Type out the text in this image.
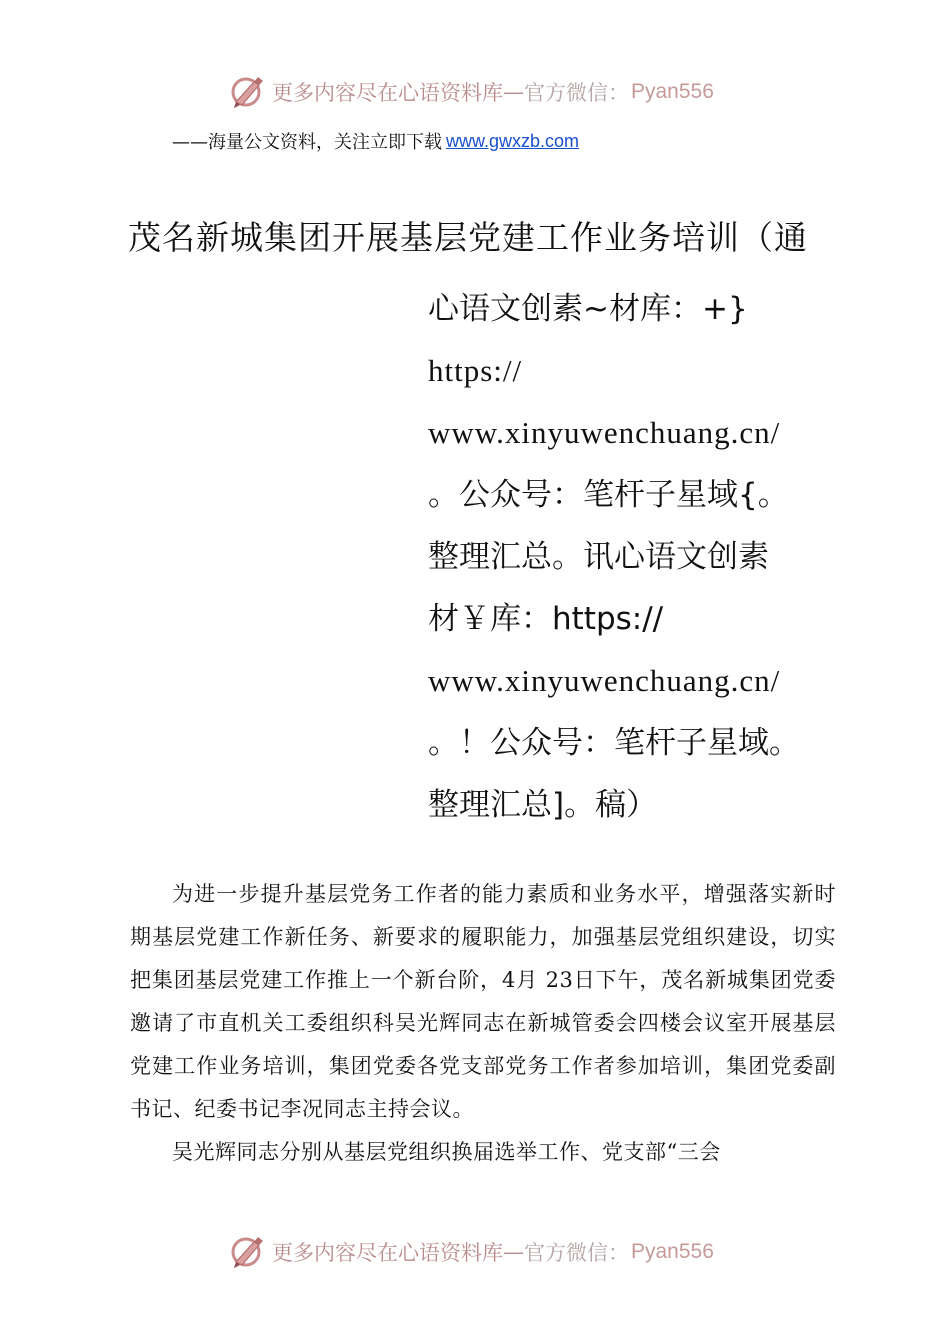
更多内容尽在心语资料库 — 官方微信： Pyan556
——海量公文资料，关注立即下载 www.gwxzb.com
茂名新城集团开展基层党建工作业务培训（通
心语文创素~材库：+}
https://
www.xinyuwenchuang.cn/
。公众号：笔杆子星域{。
整理汇总。讯心语文创素
材￥库：https://
www.xinyuwenchuang.cn/
。！公众号：笔杆子星域。
整理汇总]。稿）

为进一步提升基层党务工作者的能力素质和业务水平，增强落实新时期基层党建工作新任务、新要求的履职能力，加强基层党组织建设，切实把集团基层党建工作推上一个新台阶，4月 23日下午，茂名新城集团党委邀请了市直机关工委组织科吴光辉同志在新城管委会四楼会议室开展基层党建工作业务培训，集团党委各党支部党务工作者参加培训，集团党委副书记、纪委书记李况同志主持会议。

吴光辉同志分别从基层党组织换届选举工作、党支部“三会

更多内容尽在心语资料库 — 官方微信： Pyan556
